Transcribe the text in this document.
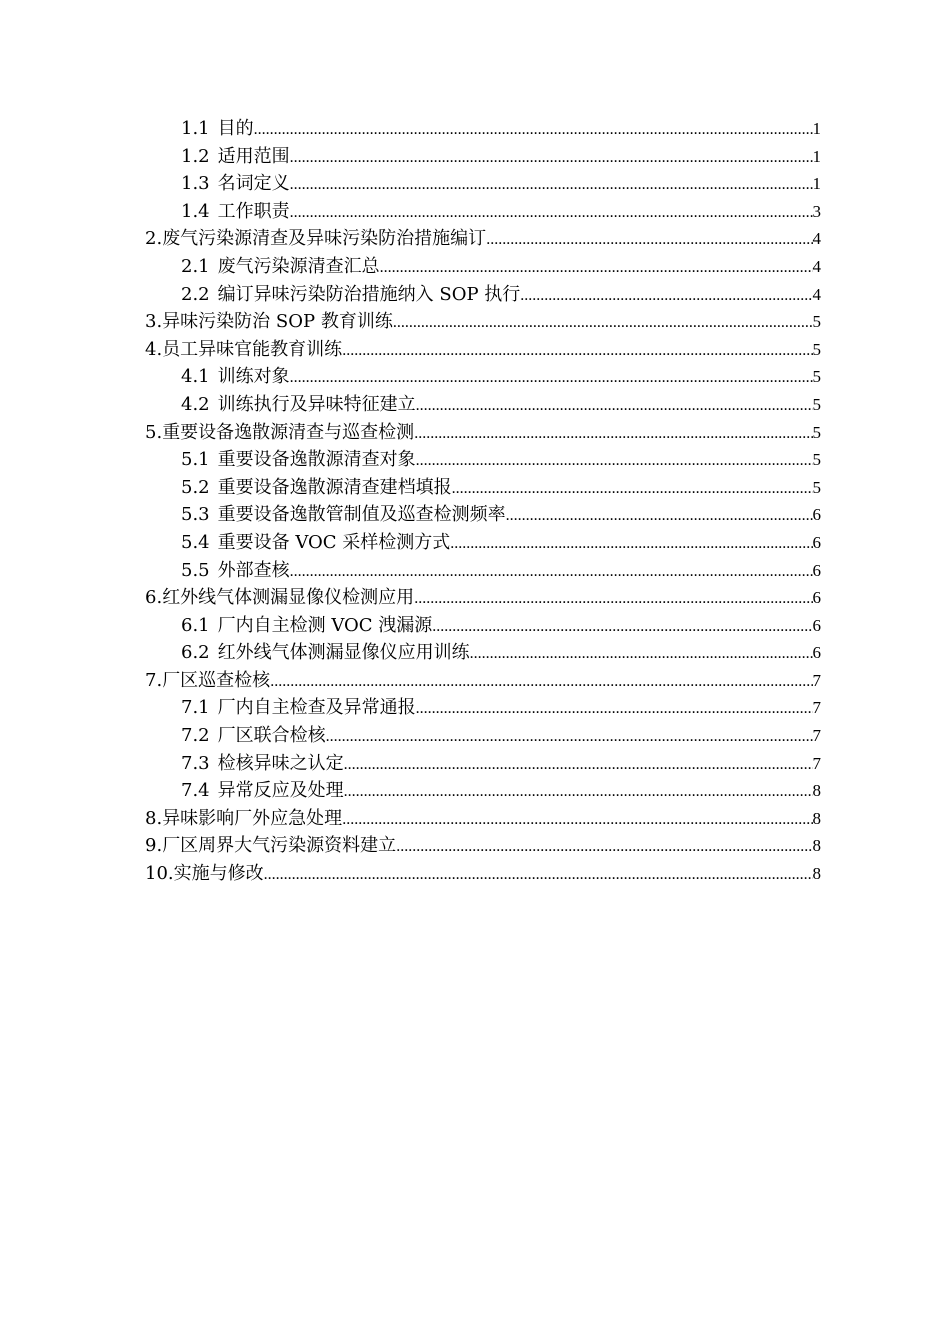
1.1 目的 .....	1
1.2 适用范围 .....	1
1.3 名词定义 .....	1
1.4 工作职责 .....	3
2. 废气污染源清查及异味污染防治措施编订 .....	4
2.1 废气污染源清查汇总 .....	4
2.2 编订异味污染防治措施纳入 SOP 执行 .....	4
3. 异味污染防治 SOP 教育训练 .....	5
4. 员工异味官能教育训练 .....	5
4.1 训练对象 .....	5
4.2 训练执行及异味特征建立 .....	5
5. 重要设备逸散源清查与巡查检测 .....	5
5.1 重要设备逸散源清查对象 .....	5
5.2 重要设备逸散源清查建档填报 .....	5
5.3 重要设备逸散管制值及巡查检测频率 .....	6
5.4 重要设备 VOC 采样检测方式 .....	6
5.5 外部查核 .....	6
6. 红外线气体测漏显像仪检测应用 .....	6
6.1 厂内自主检测 VOC 洩漏源 .....	6
6.2 红外线气体测漏显像仪应用训练 .....	6
7. 厂区巡查检核 .....	7
7.1 厂内自主检查及异常通报 .....	7
7.2 厂区联合检核 .....	7
7.3 检核异味之认定 .....	7
7.4 异常反应及处理 .....	8
8. 异味影响厂外应急处理 .....	8
9. 厂区周界大气污染源资料建立 .....	8
10. 实施与修改 .....	8
